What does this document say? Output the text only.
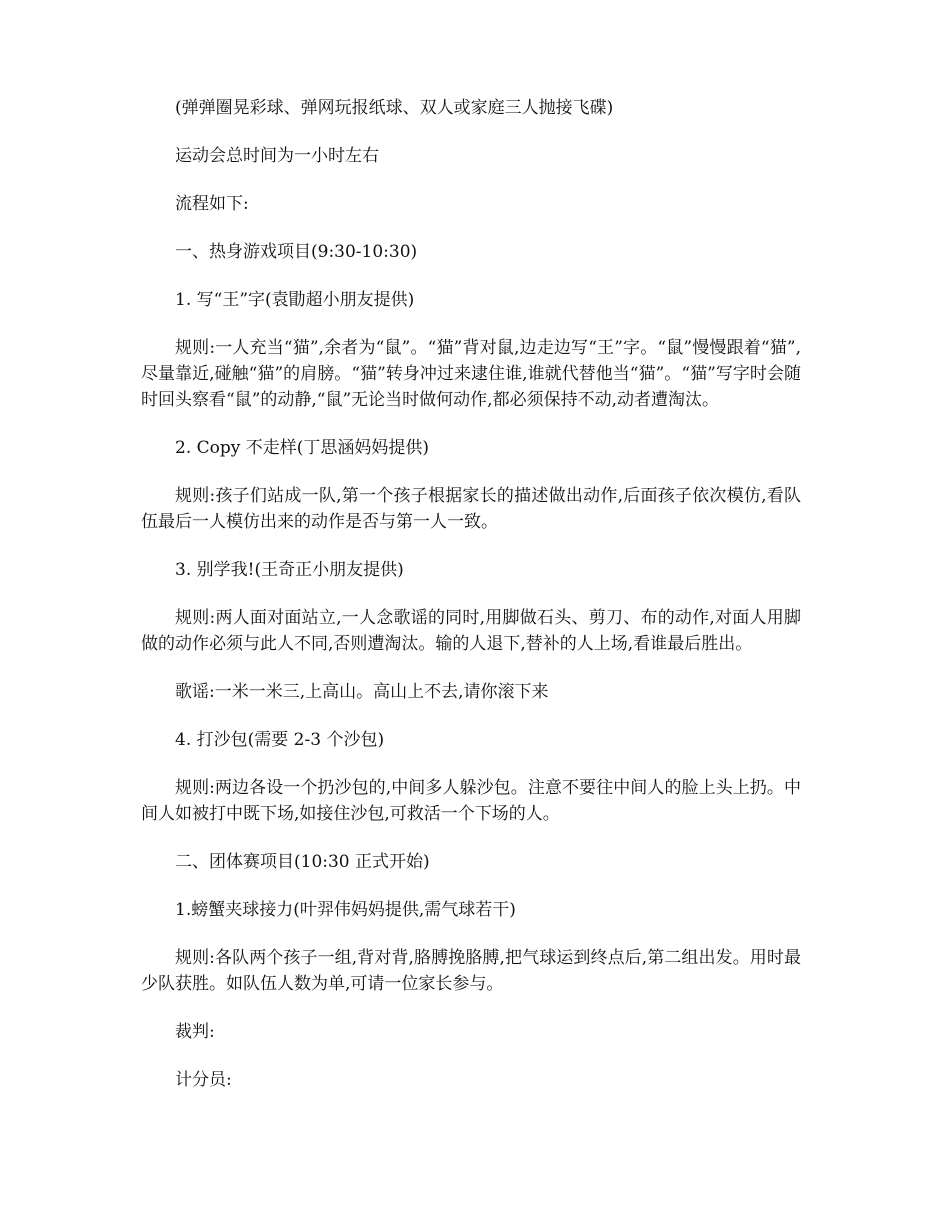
(弹弹圈晃彩球、弹网玩报纸球、双人或家庭三人抛接飞碟)

运动会总时间为一小时左右

流程如下:

一、热身游戏项目(9:30-10:30)

1. 写“王”字(袁勖超小朋友提供)

规则:一人充当“猫”,余者为“鼠”。“猫”背对鼠,边走边写“王”字。“鼠”慢慢跟着“猫”,尽量靠近,碰触“猫”的肩膀。“猫”转身冲过来逮住谁,谁就代替他当“猫”。“猫”写字时会随时回头察看“鼠”的动静,“鼠”无论当时做何动作,都必须保持不动,动者遭淘汰。

2. Copy 不走样(丁思涵妈妈提供)

规则:孩子们站成一队,第一个孩子根据家长的描述做出动作,后面孩子依次模仿,看队伍最后一人模仿出来的动作是否与第一人一致。

3. 别学我!(王奇正小朋友提供)

规则:两人面对面站立,一人念歌谣的同时,用脚做石头、剪刀、布的动作,对面人用脚做的动作必须与此人不同,否则遭淘汰。输的人退下,替补的人上场,看谁最后胜出。

歌谣:一米一米三,上高山。高山上不去,请你滚下来

4. 打沙包(需要 2-3 个沙包)

规则:两边各设一个扔沙包的,中间多人躲沙包。注意不要往中间人的脸上头上扔。中间人如被打中既下场,如接住沙包,可救活一个下场的人。

二、团体赛项目(10:30 正式开始)

1.螃蟹夹球接力(叶羿伟妈妈提供,需气球若干)

规则:各队两个孩子一组,背对背,胳膊挽胳膊,把气球运到终点后,第二组出发。用时最少队获胜。如队伍人数为单,可请一位家长参与。

裁判:

计分员:
